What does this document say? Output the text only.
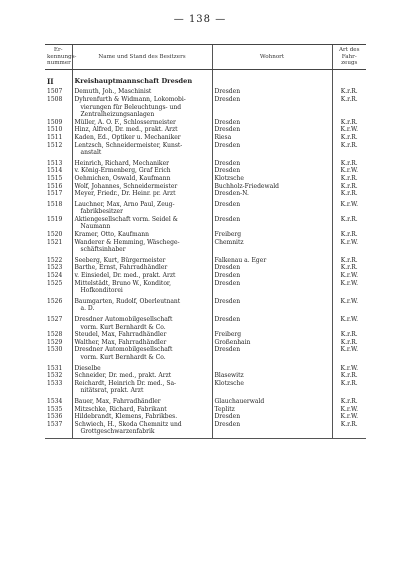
— 138 —
Er-kennungs-nummer	Name und Stand des Besitzers	Wohnort	Art des Fahr-zeugs

II	Kreishauptmannschaft Dresden		
1507	Demuth, Joh., Maschinist	Dresden	K.r.R.
1508	Dyhrenfurth & Widmann, Lokomobi-
vierungen für Beleuchtungs- und
Zentralheizungsanlagen	Dresden	K.r.R.
1509	Müller, A. O. F., Schlossermeister	Dresden	K.r.R.
1510	Hinz, Alfred, Dr. med., prakt. Arzt	Dresden	K.r.W.
1511	Kaden, Ed., Optiker u. Mechaniker	Riesa	K.r.R.
1512	Lentzsch, Schneidermeister, Kunst-
anstalt	Dresden	K.r.R.

1513	Heinrich, Richard, Mechaniker	Dresden	K.r.R.
1514	v. König-Ermenberg, Graf Erich	Dresden	K.r.W.
1515	Oehmichen, Oswald, Kaufmann	Klotzsche	K.r.R.
1516	Wolf, Johannes, Schneidermeister	Buchholz-Friedewald	K.r.R.
1517	Meyer, Friedr., Dr. Heinr. pr. Arzt	Dresden-N.	K.r.R.

1518	Lauchner, Max, Arno Paul, Zeug-
fabrikbesitzer	Dresden	K.r.W.
1519	Aktiengesellschaft vorm. Seidel &
Naumann	Dresden	K.r.R.
1520	Kramer, Otto, Kaufmann	Freiberg	K.r.R.
1521	Wanderer & Hemming, Wäschege-
schäftsinhaber	Chemnitz	K.r.W.

1522	Seeberg, Kurt, Bürgermeister	Falkenau a. Eger	K.r.R.
1523	Barthe, Ernst, Fahrradhändler	Dresden	K.r.R.
1524	v. Einsiedel, Dr. med., prakt. Arzt	Dresden	K.r.W.
1525	Mittelstädt, Bruno W., Konditor,
Hofkonditorei	Dresden	K.r.W.

1526	Baumgarten, Rudolf, Oberleutnant
a. D.	Dresden	K.r.W.

1527	Dresdner Automobilgesellschaft
vorm. Kurt Bernhardt & Co.	Dresden	K.r.W.
1528	Steudel, Max, Fahrradhändler	Freiberg	K.r.R.
1529	Walther, Max, Fahrradhändler	Großenhain	K.r.R.
1530	Dresdner Automobilgesellschaft
vorm. Kurt Bernhardt & Co.	Dresden	K.r.W.

1531	Dieselbe		K.r.W.
1532	Schneider, Dr. med., prakt. Arzt	Blasewitz	K.r.R.
1533	Reichardt, Heinrich Dr. med., Sa-
nitätsrat, prakt. Arzt	Klotzsche	K.r.R.

1534	Bauer, Max, Fahrradhändler	Glauchauerwald	K.r.R.
1535	Mitzschke, Richard, Fabrikant	Teplitz	K.r.W.
1536	Hildebrandt, Klemens, Fabrikbes.	Dresden	K.r.W.
1537	Schwiech, H., Skoda Chemnitz und
Grottgeschwarzenfabrik	Dresden	K.r.R.
